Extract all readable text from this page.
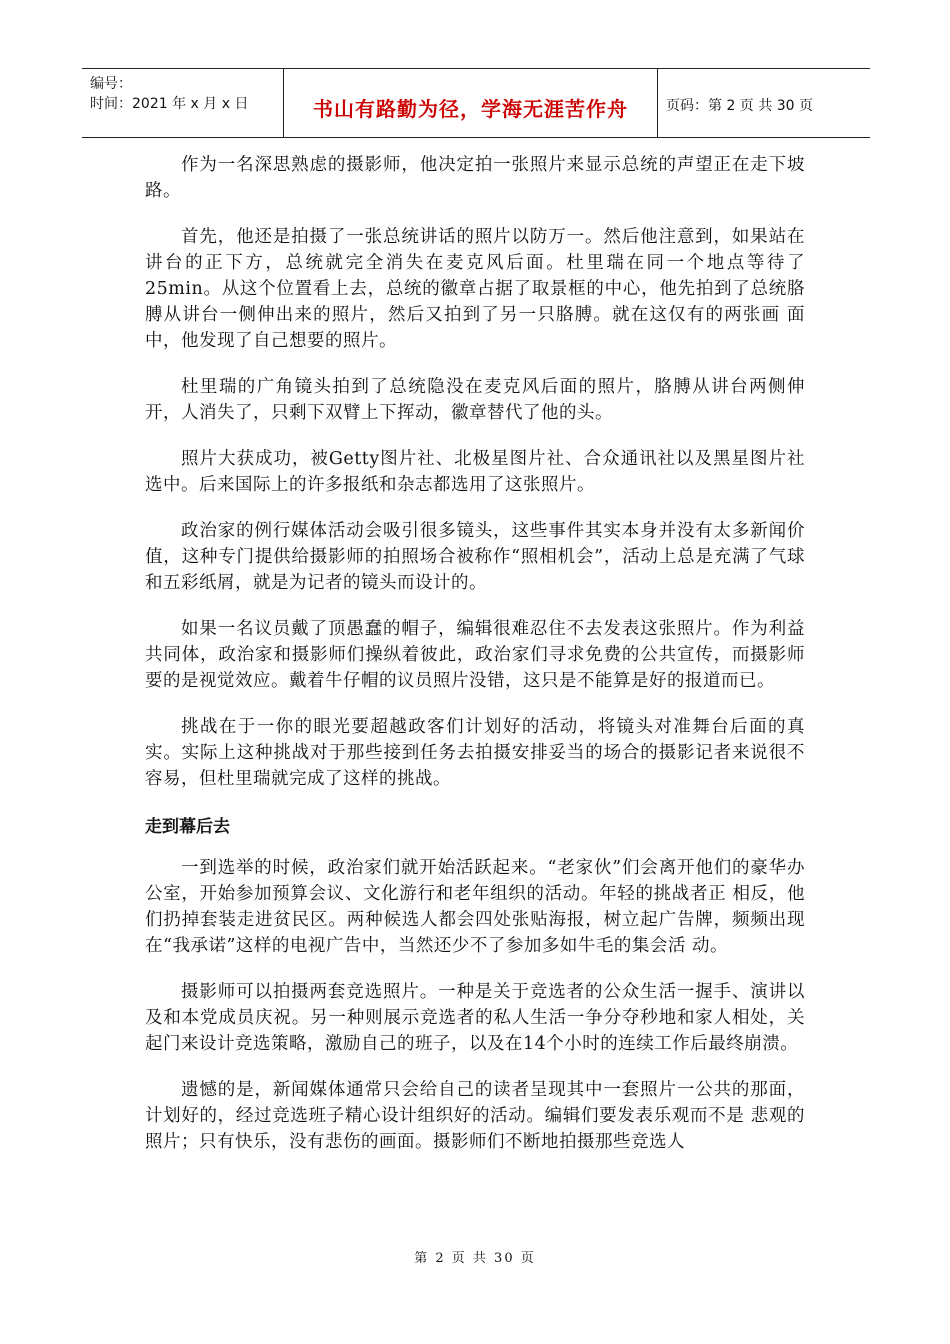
编号：
时间：2021 年 x 月 x 日	书山有路勤为径，学海无涯苦作舟	页码：第 2 页 共 30 页

作为一名深思熟虑的摄影师，他决定拍一张照片来显示总统的声望正在走下坡路。

首先，他还是拍摄了一张总统讲话的照片以防万一。然后他注意到，如果站在讲台的正下方，总统就完全消失在麦克风后面。杜里瑞在同一个地点等待了 25min。从这个位置看上去，总统的徽章占据了取景框的中心，他先拍到了总统胳膊从讲台一侧伸出来的照片，然后又拍到了另一只胳膊。就在这仅有的两张画 面中，他发现了自己想要的照片。

杜里瑞的广角镜头拍到了总统隐没在麦克风后面的照片，胳膊从讲台两侧伸开，人消失了，只剩下双臂上下挥动，徽章替代了他的头。

照片大获成功，被Getty图片社、北极星图片社、合众通讯社以及黑星图片社选中。后来国际上的许多报纸和杂志都选用了这张照片。

政治家的例行媒体活动会吸引很多镜头，这些事件其实本身并没有太多新闻价值，这种专门提供给摄影师的拍照场合被称作“照相机会”，活动上总是充满了气球和五彩纸屑，就是为记者的镜头而设计的。

如果一名议员戴了顶愚蠢的帽子，编辑很难忍住不去发表这张照片。作为利益共同体，政治家和摄影师们操纵着彼此，政治家们寻求免费的公共宣传，而摄影师要的是视觉效应。戴着牛仔帽的议员照片没错，这只是不能算是好的报道而已。

挑战在于一你的眼光要超越政客们计划好的活动，将镜头对准舞台后面的真实。实际上这种挑战对于那些接到任务去拍摄安排妥当的场合的摄影记者来说很不容易，但杜里瑞就完成了这样的挑战。

走到幕后去

一到选举的时候，政治家们就开始活跃起来。“老家伙”们会离开他们的豪华办公室，开始参加预算会议、文化游行和老年组织的活动。年轻的挑战者正 相反，他们扔掉套装走进贫民区。两种候选人都会四处张贴海报，树立起广告牌，频频出现在“我承诺”这样的电视广告中，当然还少不了参加多如牛毛的集会活 动。

摄影师可以拍摄两套竞选照片。一种是关于竞选者的公众生活一握手、演讲以及和本党成员庆祝。另一种则展示竞选者的私人生活一争分夺秒地和家人相处，关起门来设计竞选策略，激励自己的班子，以及在14个小时的连续工作后最终崩溃。

遗憾的是，新闻媒体通常只会给自己的读者呈现其中一套照片一公共的那面，计划好的，经过竞选班子精心设计组织好的活动。编辑们要发表乐观而不是 悲观的照片；只有快乐，没有悲伤的画面。摄影师们不断地拍摄那些竞选人

第 2 页 共 30 页
